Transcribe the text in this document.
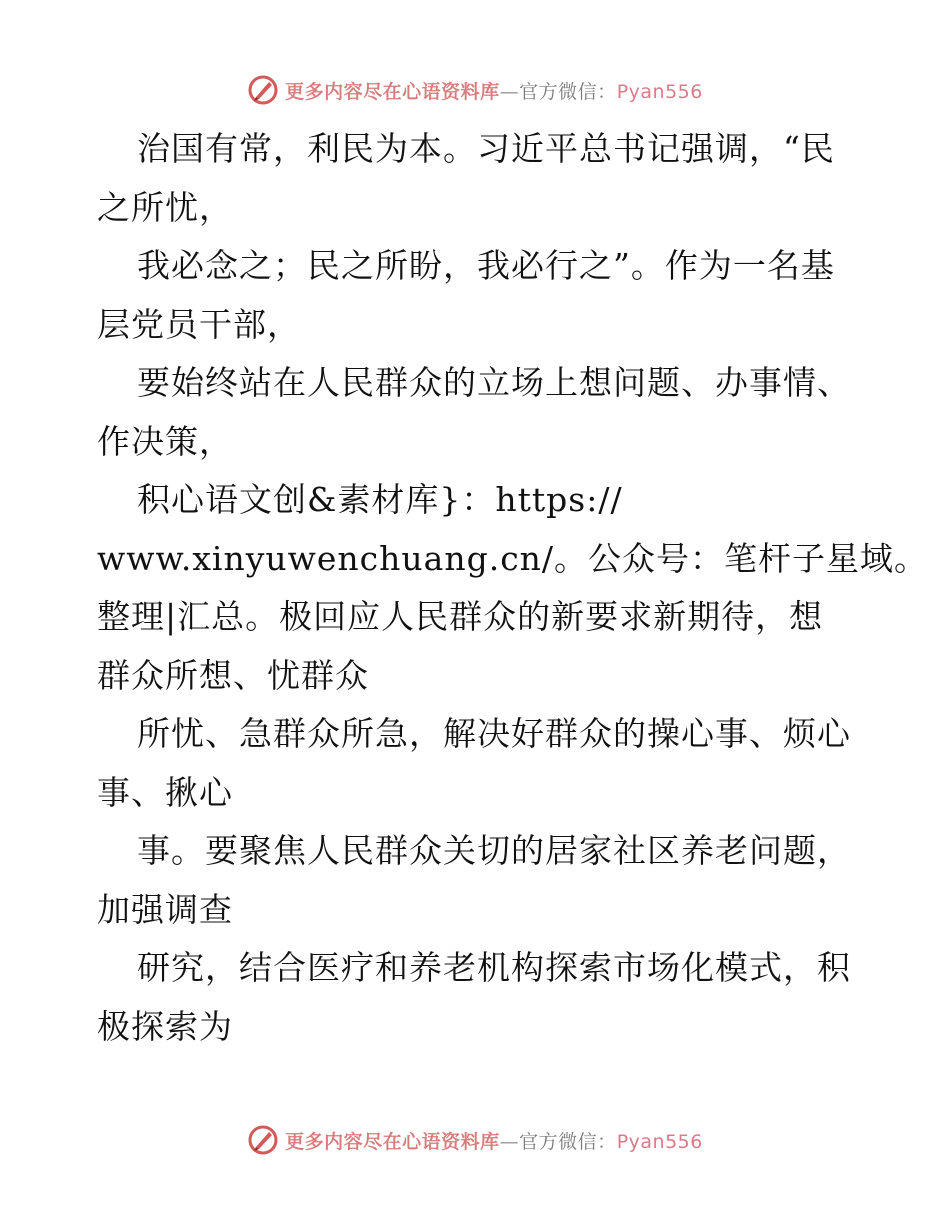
更多内容尽在心语资料库—官方微信：Pyan556
治国有常，利民为本。习近平总书记强调，“民
之所忧，
我必念之；民之所盼，我必行之”。作为一名基
层党员干部，
要始终站在人民群众的立场上想问题、办事情、
作决策，
积心语文创&素材库}：https://
www.xinyuwenchuang.cn/。公众号：笔杆子星域。
整理|汇总。极回应人民群众的新要求新期待，想
群众所想、忧群众
所忧、急群众所急，解决好群众的操心事、烦心
事、揪心
事。要聚焦人民群众关切的居家社区养老问题，
加强调查
研究，结合医疗和养老机构探索市场化模式，积
极探索为
更多内容尽在心语资料库—官方微信：Pyan556
